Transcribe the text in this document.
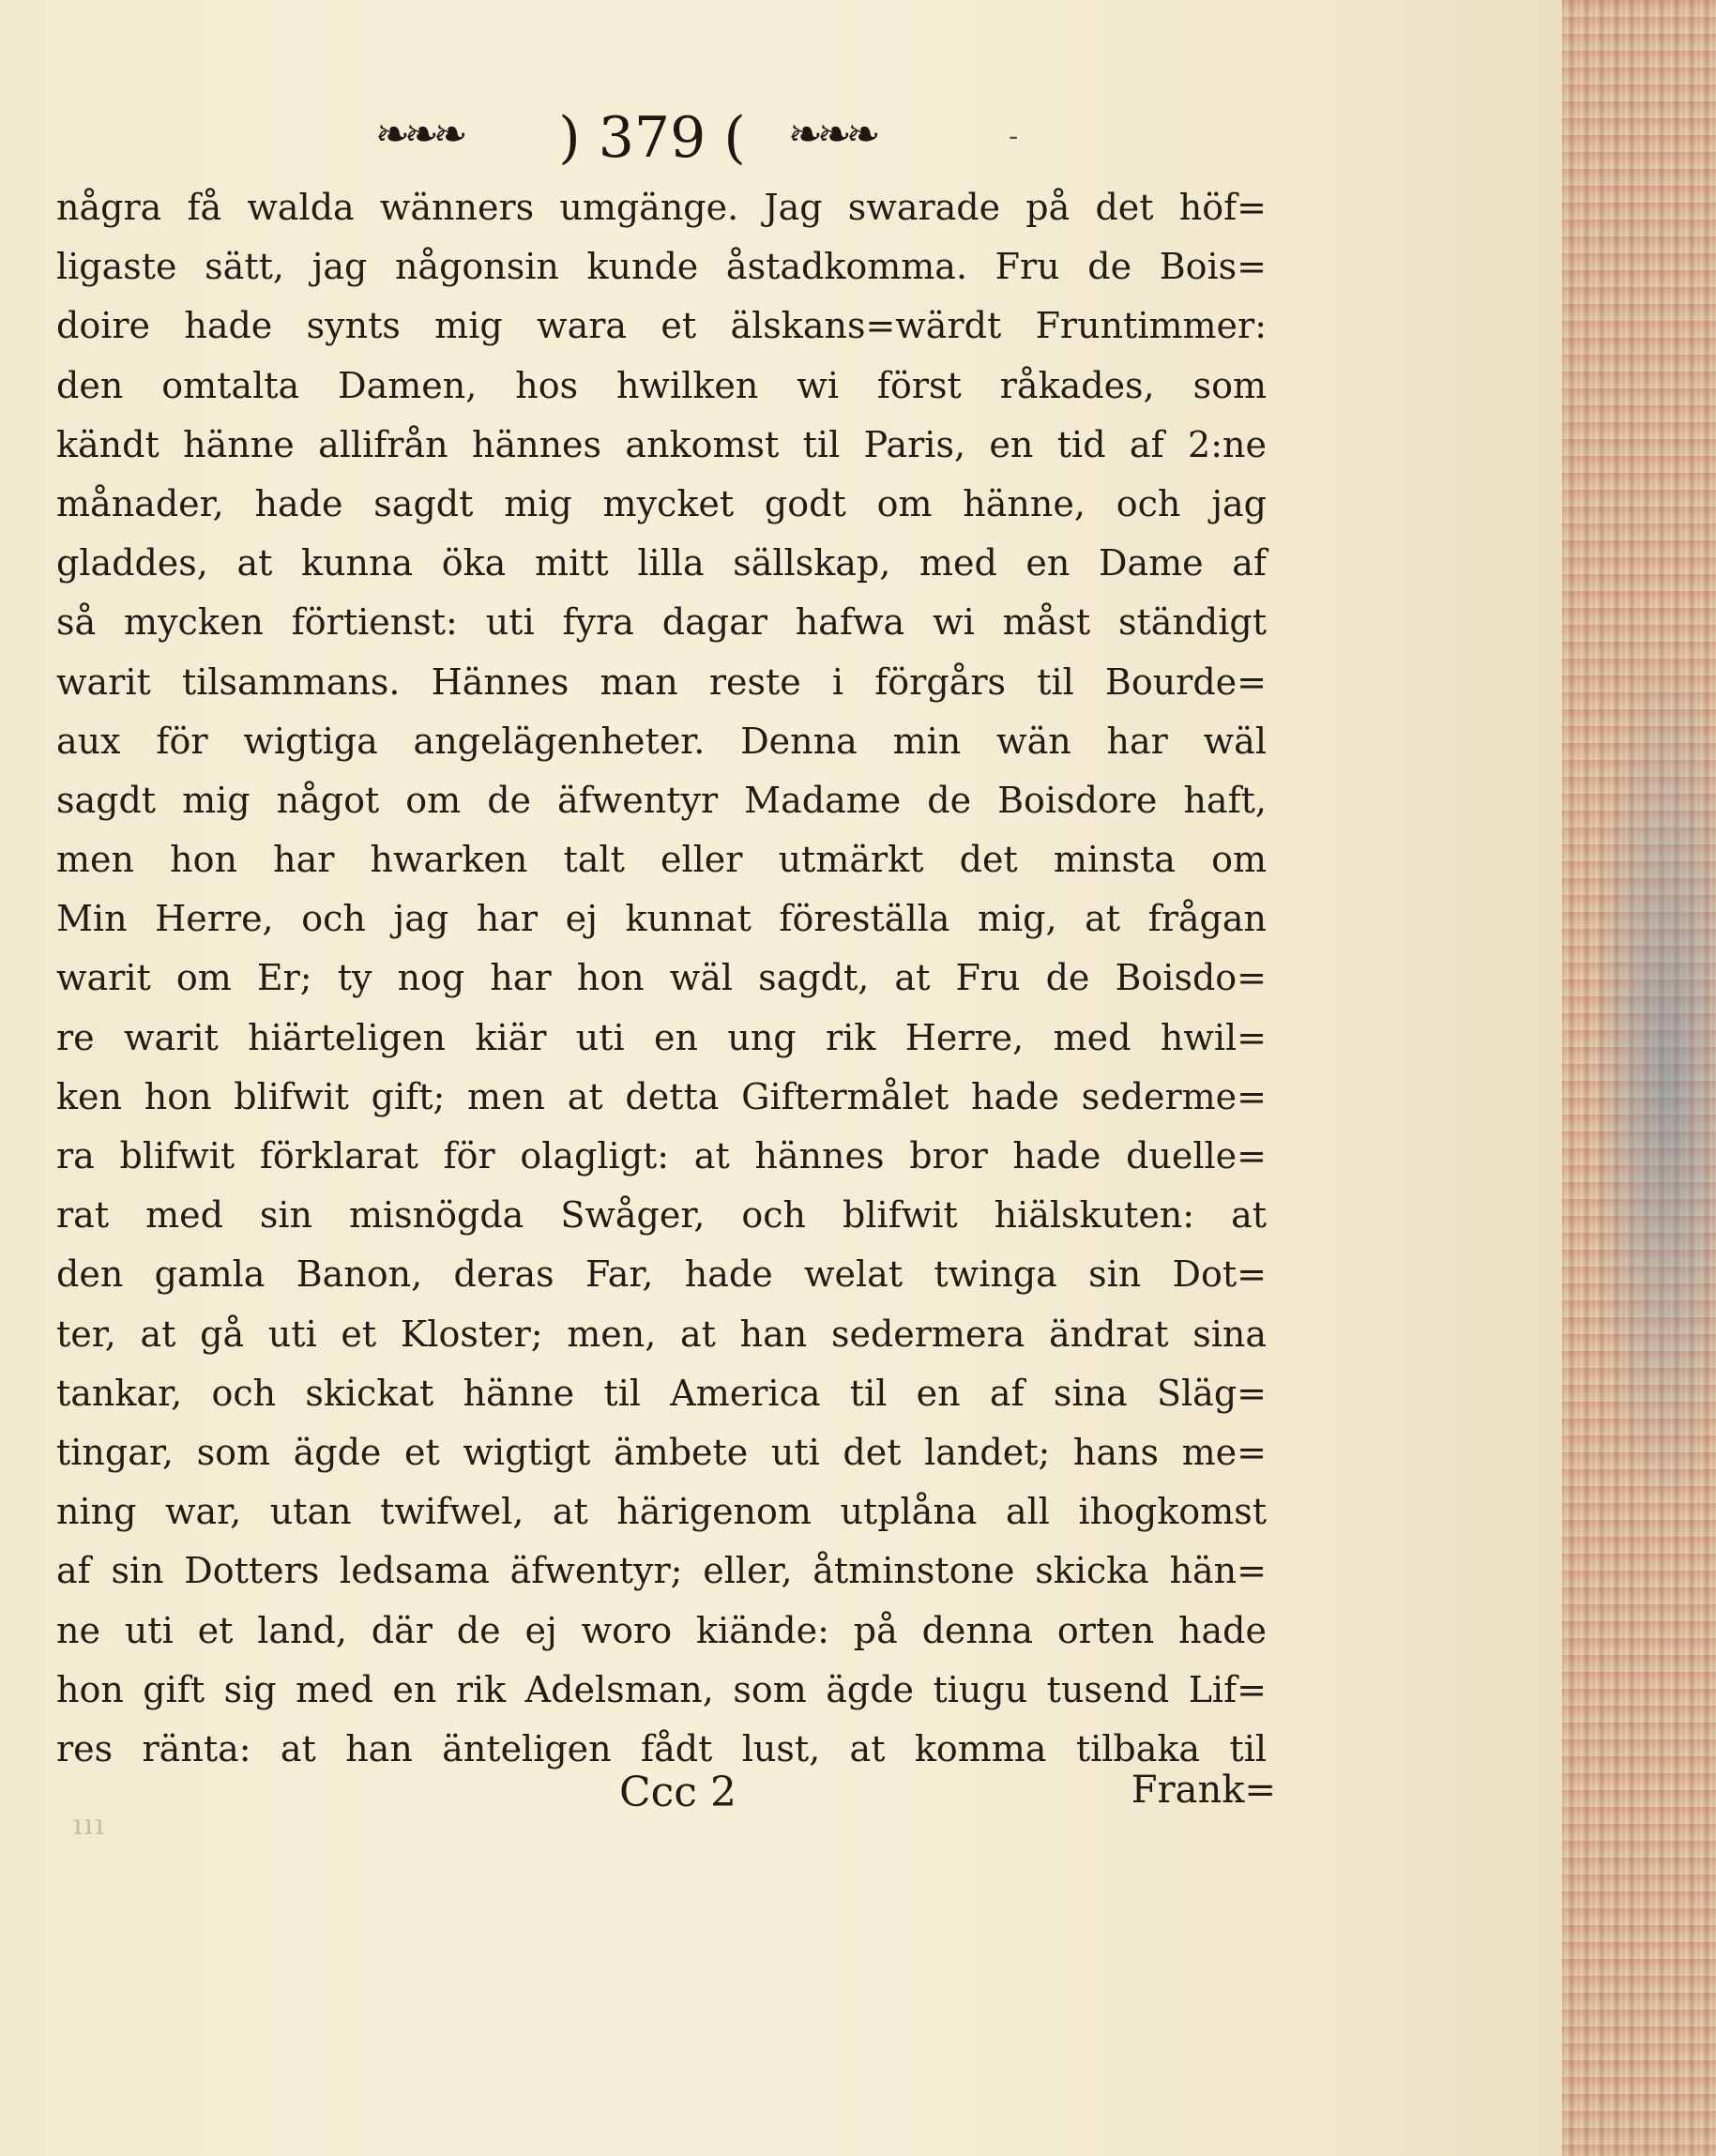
❧❧❧	) 379 (	❧❧❧	-
några få walda wänners umgänge. Jag swarade på det höf=
ligaste sätt, jag någonsin kunde åstadkomma. Fru de Bois=
doire hade synts mig wara et älskans=wärdt Fruntimmer:
den omtalta Damen, hos hwilken wi först råkades, som
kändt hänne allifrån hännes ankomst til Paris, en tid af 2:ne
månader, hade sagdt mig mycket godt om hänne, och jag
gladdes, at kunna öka mitt lilla sällskap, med en Dame af
så mycken förtienst: uti fyra dagar hafwa wi måst ständigt
warit tilsammans. Hännes man reste i förgårs til Bourde=
aux för wigtiga angelägenheter. Denna min wän har wäl
sagdt mig något om de äfwentyr Madame de Boisdore haft,
men hon har hwarken talt eller utmärkt det minsta om
Min Herre, och jag har ej kunnat föreställa mig, at frågan
warit om Er; ty nog har hon wäl sagdt, at Fru de Boisdo=
re warit hiärteligen kiär uti en ung rik Herre, med hwil=
ken hon blifwit gift; men at detta Giftermålet hade sederme=
ra blifwit förklarat för olagligt: at hännes bror hade duelle=
rat med sin misnögda Swåger, och blifwit hiälskuten: at
den gamla Banon, deras Far, hade welat twinga sin Dot=
ter, at gå uti et Kloster; men, at han sedermera ändrat sina
tankar, och skickat hänne til America til en af sina Släg=
tingar, som ägde et wigtigt ämbete uti det landet; hans me=
ning war, utan twifwel, at härigenom utplåna all ihogkomst
af sin Dotters ledsama äfwentyr; eller, åtminstone skicka hän=
ne uti et land, där de ej woro kiände: på denna orten hade
hon gift sig med en rik Adelsman, som ägde tiugu tusend Lif=
res ränta: at han änteligen fådt lust, at komma tilbaka til
Ccc 2	Frank=
ııı
